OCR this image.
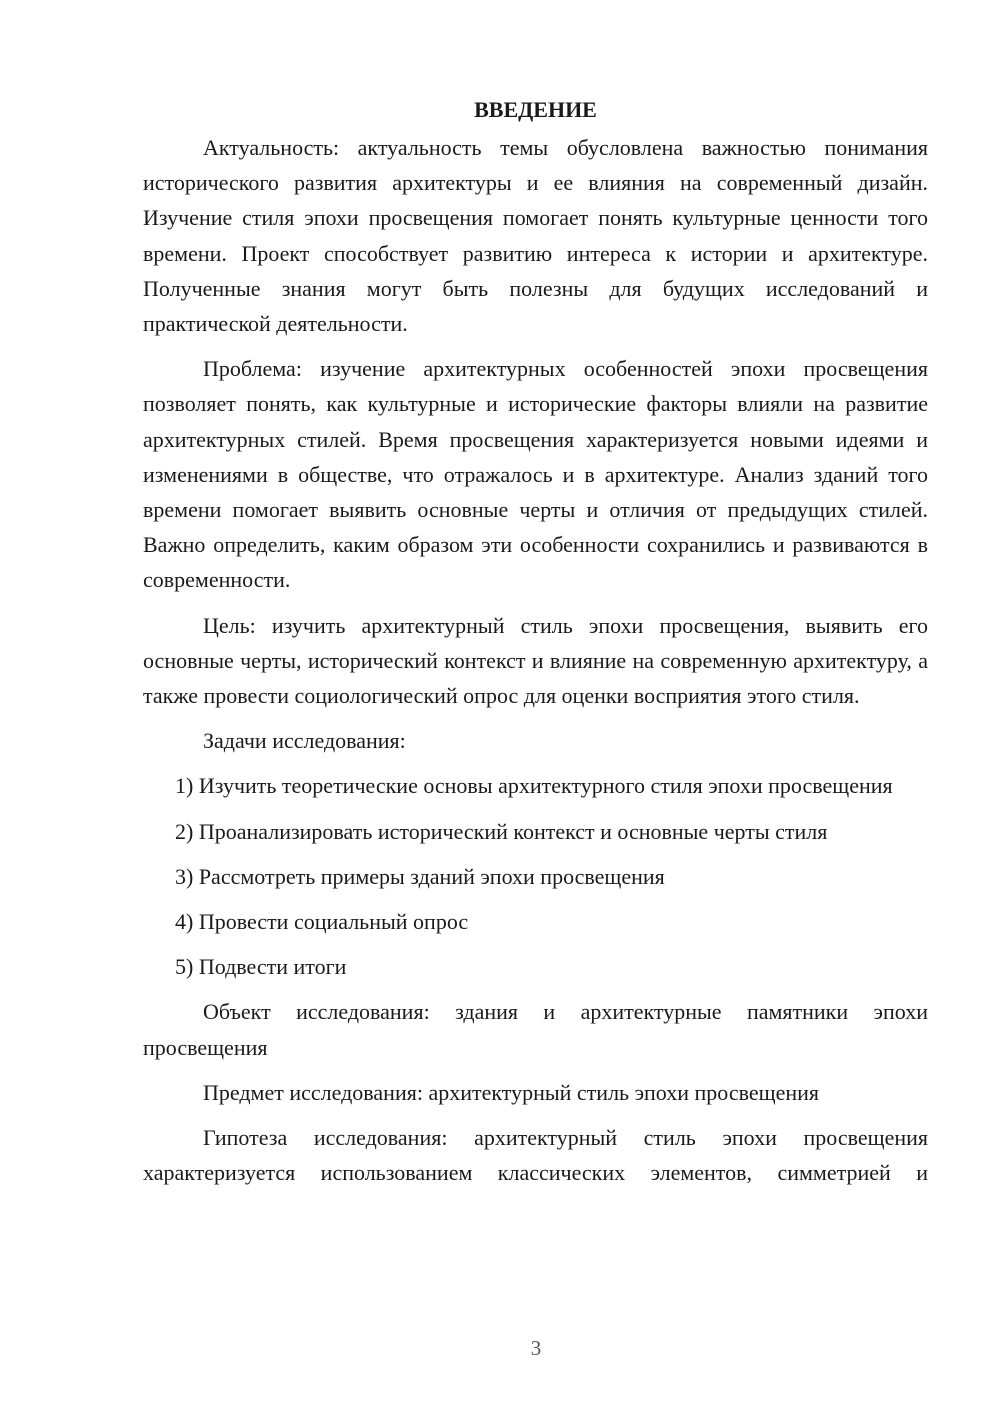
ВВЕДЕНИЕ

Актуальность: актуальность темы обусловлена важностью понимания исторического развития архитектуры и ее влияния на современный дизайн. Изучение стиля эпохи просвещения помогает понять культурные ценности того времени. Проект способствует развитию интереса к истории и архитектуре. Полученные знания могут быть полезны для будущих исследований и практической деятельности.

Проблема: изучение архитектурных особенностей эпохи просвещения позволяет понять, как культурные и исторические факторы влияли на развитие архитектурных стилей. Время просвещения характеризуется новыми идеями и изменениями в обществе, что отражалось и в архитектуре. Анализ зданий того времени помогает выявить основные черты и отличия от предыдущих стилей. Важно определить, каким образом эти особенности сохранились и развиваются в современности.

Цель: изучить архитектурный стиль эпохи просвещения, выявить его основные черты, исторический контекст и влияние на современную архитектуру, а также провести социологический опрос для оценки восприятия этого стиля.

Задачи исследования:

1) Изучить теоретические основы архитектурного стиля эпохи просвещения

2) Проанализировать исторический контекст и основные черты стиля

3) Рассмотреть примеры зданий эпохи просвещения

4) Провести социальный опрос

5) Подвести итоги

Объект исследования: здания и архитектурные памятники эпохи просвещения

Предмет исследования: архитектурный стиль эпохи просвещения

Гипотеза исследования: архитектурный стиль эпохи просвещения характеризуется использованием классических элементов, симметрией и

3
